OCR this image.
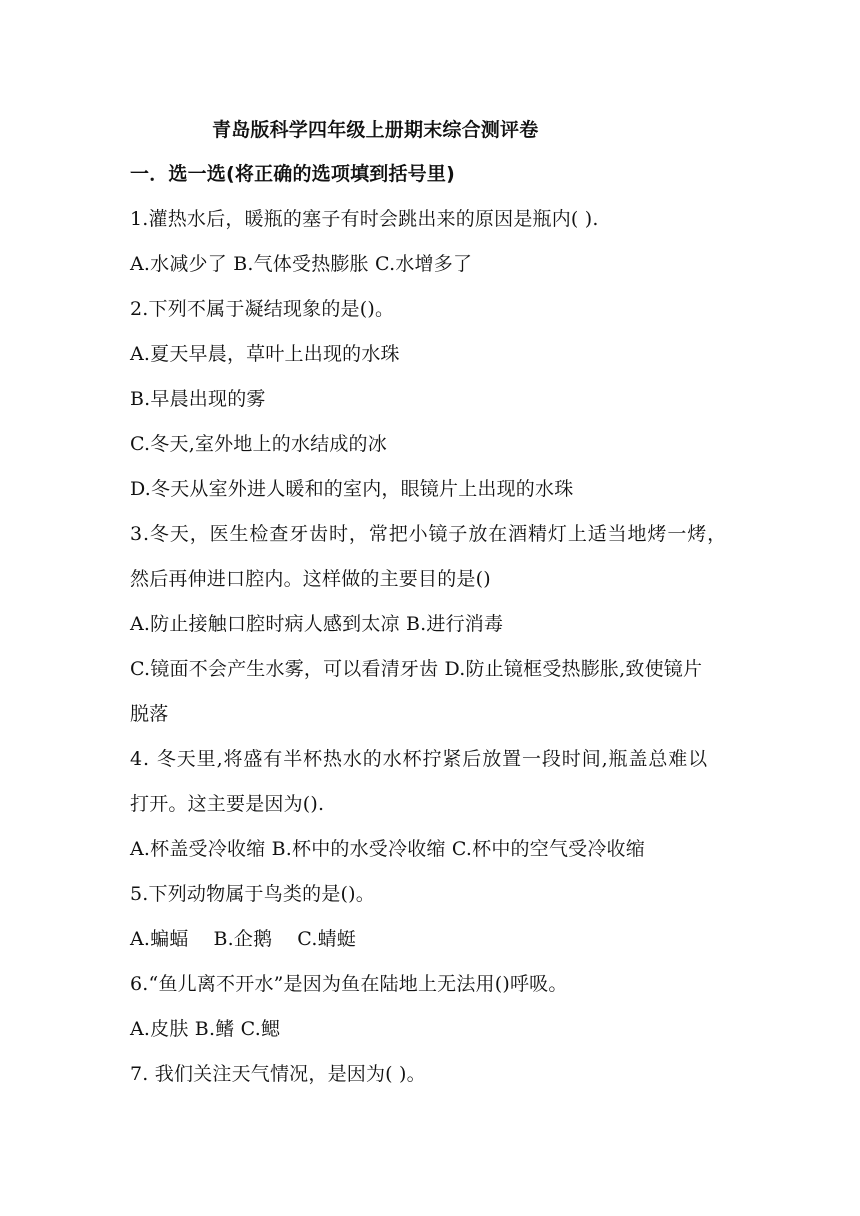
青岛版科学四年级上册期末综合测评卷
一．选一选(将正确的选项填到括号里)
1.灌热水后，暖瓶的塞子有时会跳出来的原因是瓶内( ).
A.水减少了 B.气体受热膨胀 C.水增多了
2.下列不属于凝结现象的是()。
A.夏天早晨，草叶上出现的水珠
B.早晨出现的雾
C.冬天,室外地上的水结成的冰
D.冬天从室外进人暖和的室内，眼镜片上出现的水珠
3.冬天，医生检查牙齿时，常把小镜子放在酒精灯上适当地烤一烤，
然后再伸进口腔内。这样做的主要目的是()
A.防止接触口腔时病人感到太凉 B.进行消毒
C.镜面不会产生水雾，可以看清牙齿 D.防止镜框受热膨胀,致使镜片
脱落
4. 冬天里,将盛有半杯热水的水杯拧紧后放置一段时间,瓶盖总难以
打开。这主要是因为().
A.杯盖受冷收缩 B.杯中的水受冷收缩 C.杯中的空气受冷收缩
5.下列动物属于鸟类的是()。
A.蝙蝠    B.企鹅    C.蜻蜓
6.“鱼儿离不开水”是因为鱼在陆地上无法用()呼吸。
A.皮肤 B.鳍 C.鳃
7. 我们关注天气情况，是因为( )。
